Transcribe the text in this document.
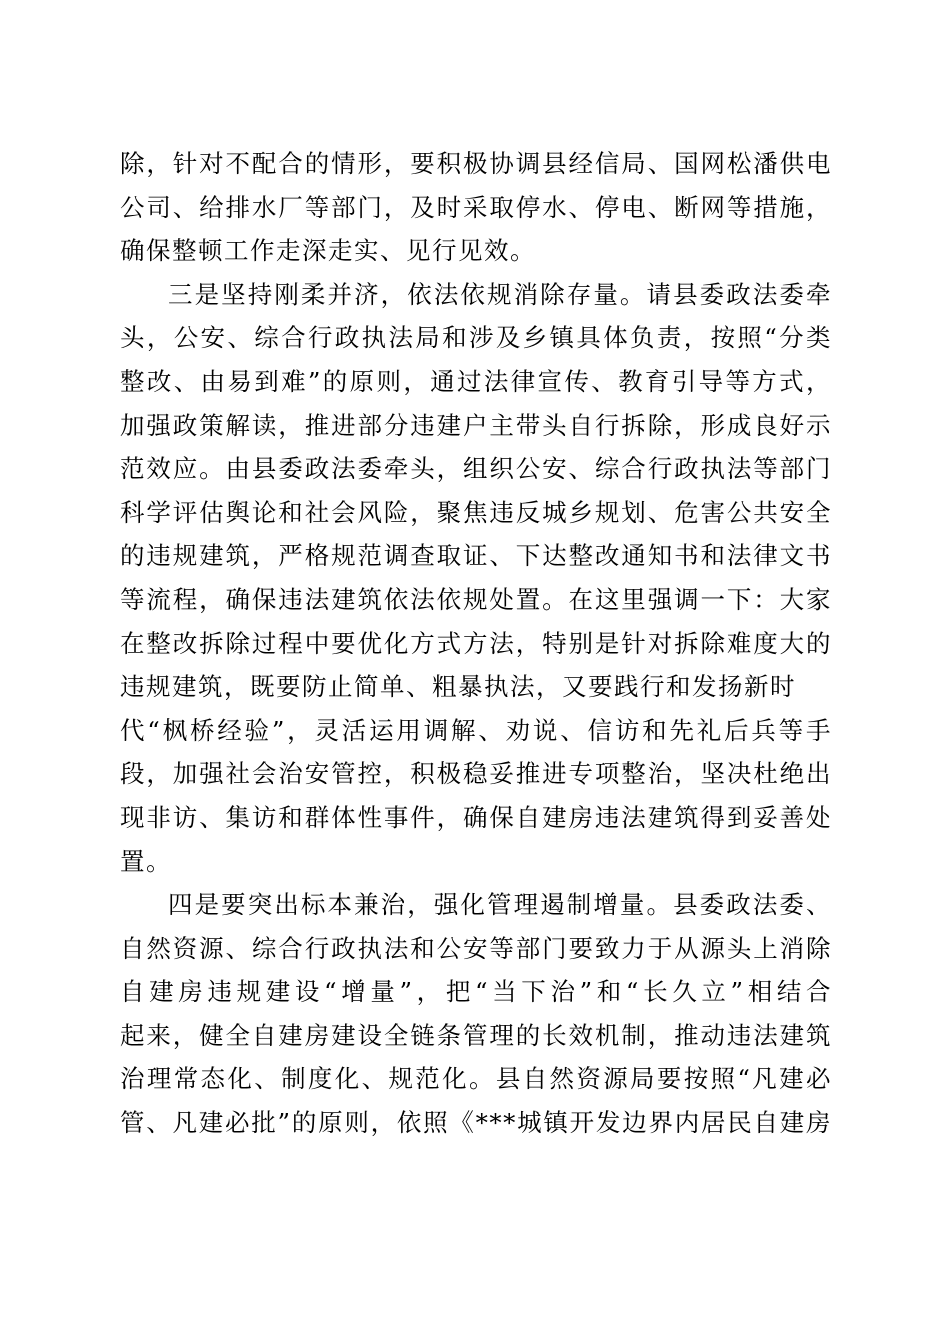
除，针对不配合的情形，要积极协调县经信局、国网松潘供电
公司、给排水厂等部门，及时采取停水、停电、断网等措施，
确保整顿工作走深走实、见行见效。
三是坚持刚柔并济，依法依规消除存量。请县委政法委牵
头，公安、综合行政执法局和涉及乡镇具体负责，按照“分类
整改、由易到难”的原则，通过法律宣传、教育引导等方式，
加强政策解读，推进部分违建户主带头自行拆除，形成良好示
范效应。由县委政法委牵头，组织公安、综合行政执法等部门
科学评估舆论和社会风险，聚焦违反城乡规划、危害公共安全
的违规建筑，严格规范调查取证、下达整改通知书和法律文书
等流程，确保违法建筑依法依规处置。在这里强调一下：大家
在整改拆除过程中要优化方式方法，特别是针对拆除难度大的
违规建筑，既要防止简单、粗暴执法，又要践行和发扬新时
代“枫桥经验”，灵活运用调解、劝说、信访和先礼后兵等手
段，加强社会治安管控，积极稳妥推进专项整治，坚决杜绝出
现非访、集访和群体性事件，确保自建房违法建筑得到妥善处
置。
四是要突出标本兼治，强化管理遏制增量。县委政法委、
自然资源、综合行政执法和公安等部门要致力于从源头上消除
自建房违规建设“增量”，把“当下治”和“长久立”相结合
起来，健全自建房建设全链条管理的长效机制，推动违法建筑
治理常态化、制度化、规范化。县自然资源局要按照“凡建必
管、凡建必批”的原则，依照《***城镇开发边界内居民自建房
